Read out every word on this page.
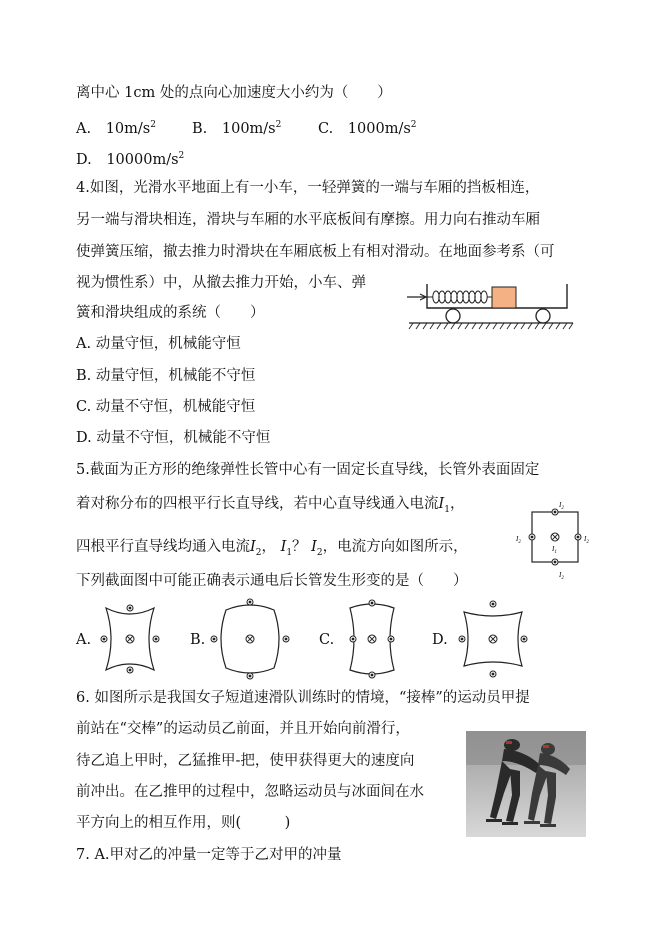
离中心 1cm 处的点向心加速度大小约为（　　）
A. $10m/s^2$ B. $100m/s^2$	C. $1000m/s^2$
D. $10000m/s^2$
4.如图，光滑水平地面上有一小车，一轻弹簧的一端与车厢的挡板相连，
另一端与滑块相连，滑块与车厢的水平底板间有摩擦。用力向右推动车厢
使弹簧压缩，撤去推力时滑块在车厢底板上有相对滑动。在地面参考系（可
视为惯性系）中，从撤去推力开始，小车、弹
簧和滑块组成的系统（　　）
A. 动量守恒，机械能守恒
B. 动量守恒，机械能不守恒
C. 动量不守恒，机械能守恒
D. 动量不守恒，机械能不守恒
5.截面为正方形的绝缘弹性长管中心有一固定长直导线，长管外表面固定
着对称分布的四根平行长直导线，若中心直导线通入电流$I_1$，
四根平行直导线均通入电流$I_2$， $I_1$？ $I_2$，电流方向如图所示，
$I_2$
$I_2$
$I_2$	$I_2$
$I_1$
下列截面图中可能正确表示通电后长管发生形变的是（　　）
A.	B.	C.	D.
6. 如图所示是我国女子短道速滑队训练时的情境，“接棒”的运动员甲提
前站在“交棒”的运动员乙前面，并且开始向前滑行，
待乙追上甲时，乙猛推甲-把，使甲获得更大的速度向
前冲出。在乙推甲的过程中，忽略运动员与冰面间在水
平方向上的相互作用，则(　　　)
7. A.甲对乙的冲量一定等于乙对甲的冲量
